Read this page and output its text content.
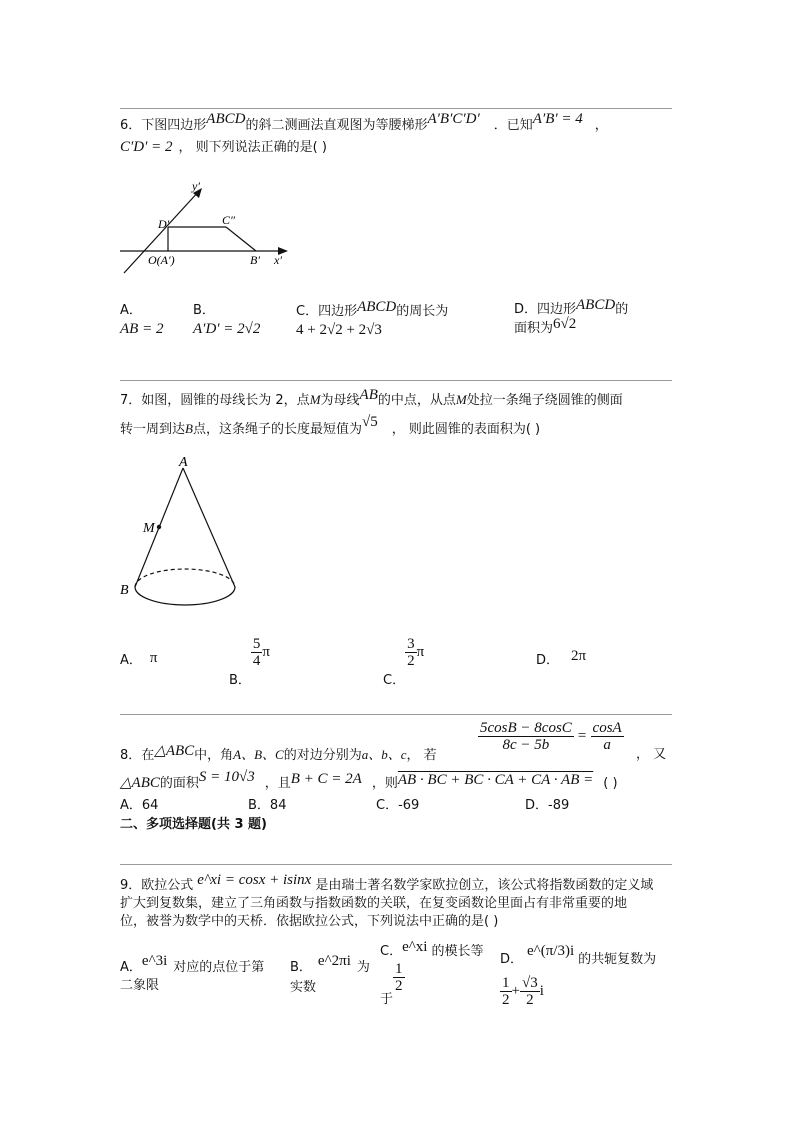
6．下图四边形ABCD的斜二测画法直观图为等腰梯形A′B′C′D′ ．已知A′B′ = 4 ，
C′D′ = 2 ， 则下列说法正确的是( )
y′
x′
D′	C″
O(A′)	B′
A．
AB = 2
B．
A′D′ = 2√2
C．四边形ABCD的周长为
4 + 2√2 + 2√3
D．四边形ABCD的
面积为6√2
7．如图，圆锥的母线长为 2，点M为母线AB的中点，从点M处拉一条绳子绕圆锥的侧面
转一周到达B点，这条绳子的长度最短值为√5 ， 则此圆锥的表面积为( )
A
M
B
A． π
B．
$\frac{5}{4}$ π
C．
$\frac{3}{2}$ π
D． 2π
$\frac{5\cos B - 8\cos C}{8c - 5b} = \frac{\cos A}{a}$
8．在△ABC中，角A、B、C的对边分别为a、b、c， 若	， 又
△ABC的面积S = 10√3 ，且B + C = 2A ，则AB · BC + BC · CA + CA · AB = ( )
A．64	B．84	C．-69	D．-89
二、多项选择题(共 3 题)
9．欧拉公式 e^xi = cosx + isinx 是由瑞士著名数学家欧拉创立，该公式将指数函数的定义域
扩大到复数集，建立了三角函数与指数函数的关联，在复变函数论里面占有非常重要的地
位，被誉为数学中的天桥．依据欧拉公式，下列说法中正确的是( )
A．e^3i 对应的点位于第
二象限
B． e^2πi 为
实数
C．e^xi 的模长等
于
$\frac{1}{2}$
D．e^(π/3)i的共轭复数为

$\frac{1}{2} + \frac{√3}{2}$ i
